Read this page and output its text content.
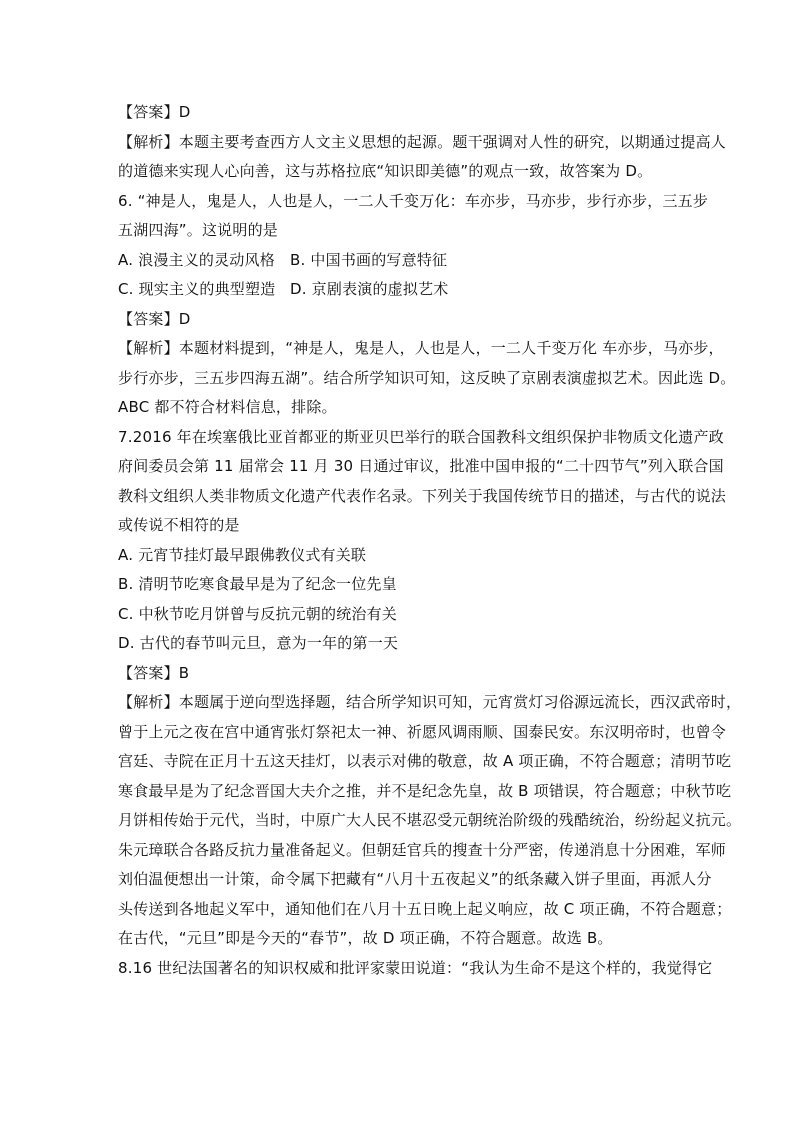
【答案】D
【解析】本题主要考查西方人文主义思想的起源。题干强调对人性的研究，以期通过提高人
的道德来实现人心向善，这与苏格拉底“知识即美德”的观点一致，故答案为 D。
6. “神是人，鬼是人，人也是人，一二人千变万化：车亦步，马亦步，步行亦步，三五步
五湖四海”。这说明的是
A. 浪漫主义的灵动风格	B. 中国书画的写意特征
C. 现实主义的典型塑造 D. 京剧表演的虚拟艺术
【答案】D
【解析】本题材料提到，“神是人，鬼是人，人也是人，一二人千变万化 车亦步，马亦步，
步行亦步，三五步四海五湖”。结合所学知识可知，这反映了京剧表演虚拟艺术。因此选 D。
ABC 都不符合材料信息，排除。
7.2016 年在埃塞俄比亚首都亚的斯亚贝巴举行的联合国教科文组织保护非物质文化遗产政
府间委员会第 11 届常会 11 月 30 日通过审议，批准中国申报的“二十四节气”列入联合国
教科文组织人类非物质文化遗产代表作名录。下列关于我国传统节日的描述，与古代的说法
或传说不相符的是
A. 元宵节挂灯最早跟佛教仪式有关联
B. 清明节吃寒食最早是为了纪念一位先皇
C. 中秋节吃月饼曾与反抗元朝的统治有关
D. 古代的春节叫元旦，意为一年的第一天
【答案】B
【解析】本题属于逆向型选择题，结合所学知识可知，元宵赏灯习俗源远流长，西汉武帝时，
曾于上元之夜在宫中通宵张灯祭祀太一神、祈愿风调雨顺、国泰民安。东汉明帝时，也曾令
宫廷、寺院在正月十五这天挂灯，以表示对佛的敬意，故 A 项正确，不符合题意；清明节吃
寒食最早是为了纪念晋国大夫介之推，并不是纪念先皇，故 B 项错误，符合题意；中秋节吃
月饼相传始于元代，当时，中原广大人民不堪忍受元朝统治阶级的残酷统治，纷纷起义抗元。
朱元璋联合各路反抗力量准备起义。但朝廷官兵的搜查十分严密，传递消息十分困难，军师
刘伯温便想出一计策，命令属下把藏有“八月十五夜起义”的纸条藏入饼子里面，再派人分
头传送到各地起义军中，通知他们在八月十五日晚上起义响应，故 C 项正确，不符合题意；
在古代，“元旦”即是今天的“春节”，故 D 项正确，不符合题意。故选 B。
8.16 世纪法国著名的知识权威和批评家蒙田说道：“我认为生命不是这个样的，我觉得它
